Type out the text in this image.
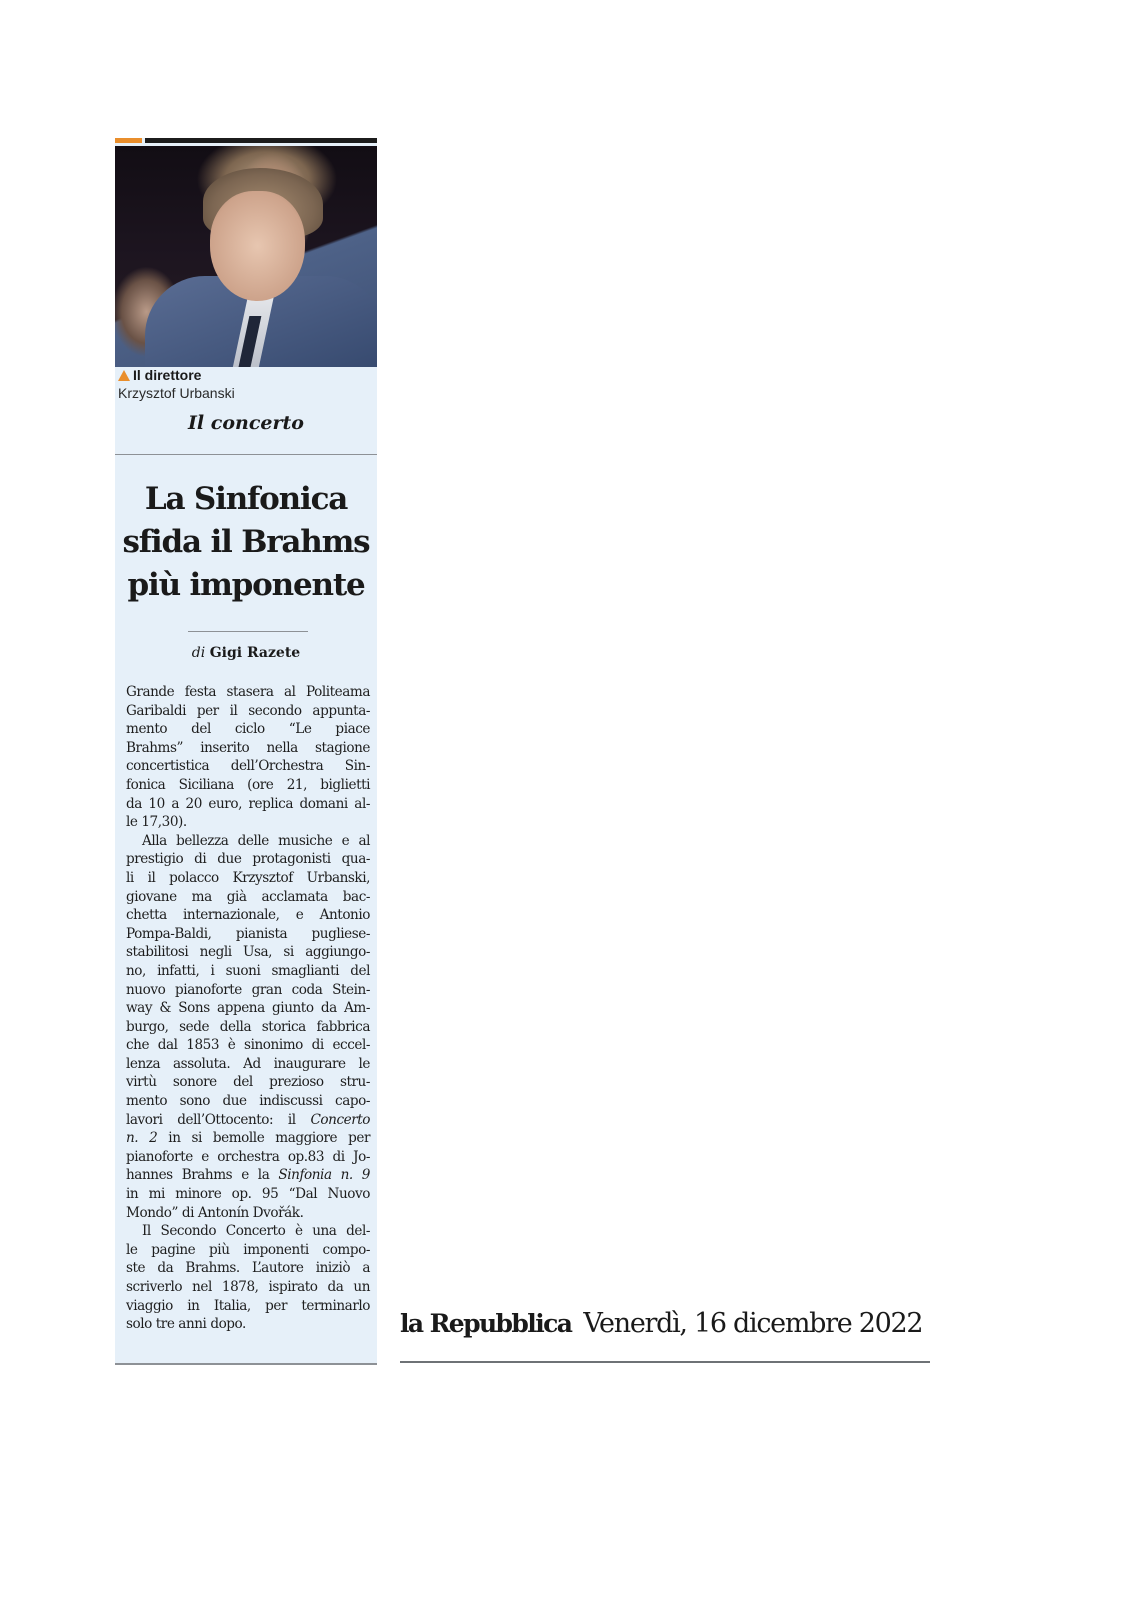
Il direttore
Krzysztof Urbanski
Il concerto
La Sinfonica
sfida il Brahms
più imponente
di Gigi Razete
Grande festa stasera al Politeama
Garibaldi per il secondo appunta-
mento del ciclo “Le piace
Brahms” inserito nella stagione
concertistica dell’Orchestra Sin-
fonica Siciliana (ore 21, biglietti
da 10 a 20 euro, replica domani al-
le 17,30).
Alla bellezza delle musiche e al
prestigio di due protagonisti qua-
li il polacco Krzysztof Urbanski,
giovane ma già acclamata bac-
chetta internazionale, e Antonio
Pompa-Baldi, pianista pugliese-
stabilitosi negli Usa, si aggiungo-
no, infatti, i suoni smaglianti del
nuovo pianoforte gran coda Stein-
way & Sons appena giunto da Am-
burgo, sede della storica fabbrica
che dal 1853 è sinonimo di eccel-
lenza assoluta. Ad inaugurare le
virtù sonore del prezioso stru-
mento sono due indiscussi capo-
lavori dell’Ottocento: il Concerto
n. 2 in si bemolle maggiore per
pianoforte e orchestra op.83 di Jo-
hannes Brahms e la Sinfonia n. 9
in mi minore op. 95 “Dal Nuovo
Mondo” di Antonín Dvořák.
Il Secondo Concerto è una del-
le pagine più imponenti compo-
ste da Brahms. L’autore iniziò a
scriverlo nel 1878, ispirato da un
viaggio in Italia, per terminarlo
solo tre anni dopo.	la Repubblica Venerdì, 16 dicembre 2022
